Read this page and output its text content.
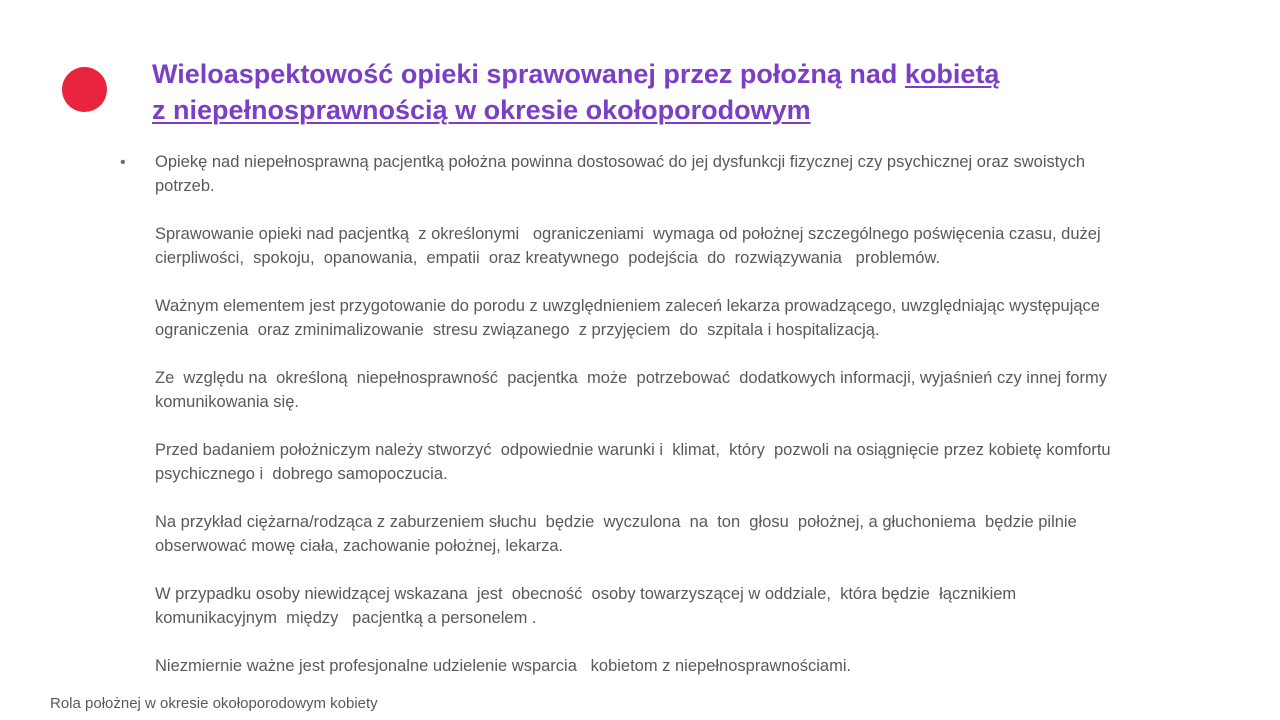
Wieloaspektowość opieki sprawowanej przez położną nad kobietą
z niepełnosprawnością w okresie okołoporodowym
• Opiekę nad niepełnosprawną pacjentką położna powinna dostosować do jej dysfunkcji fizycznej czy psychicznej oraz swoistych
potrzeb.

Sprawowanie opieki nad pacjentką  z określonymi   ograniczeniami  wymaga od położnej szczególnego poświęcenia czasu, dużej
cierpliwości,  spokoju,  opanowania,  empatii  oraz kreatywnego  podejścia  do  rozwiązywania   problemów.

Ważnym elementem jest przygotowanie do porodu z uwzględnieniem zaleceń lekarza prowadzącego, uwzględniając występujące
ograniczenia  oraz zminimalizowanie  stresu związanego  z przyjęciem  do  szpitala i hospitalizacją.

Ze  względu na  określoną  niepełnosprawność  pacjentka  może  potrzebować  dodatkowych informacji, wyjaśnień czy innej formy
komunikowania się.

Przed badaniem położniczym należy stworzyć  odpowiednie warunki i  klimat,  który  pozwoli na osiągnięcie przez kobietę komfortu
psychicznego i  dobrego samopoczucia.

Na przykład ciężarna/rodząca z zaburzeniem słuchu  będzie  wyczulona  na  ton  głosu  położnej, a głuchoniema  będzie pilnie
obserwować mowę ciała, zachowanie położnej, lekarza.

W przypadku osoby niewidzącej wskazana  jest  obecność  osoby towarzyszącej w oddziale,  która będzie  łącznikiem
komunikacyjnym  między   pacjentką a personelem .

Niezmiernie ważne jest profesjonalne udzielenie wsparcia   kobietom z niepełnosprawnościami.

Rola położnej w okresie okołoporodowym kobiety
